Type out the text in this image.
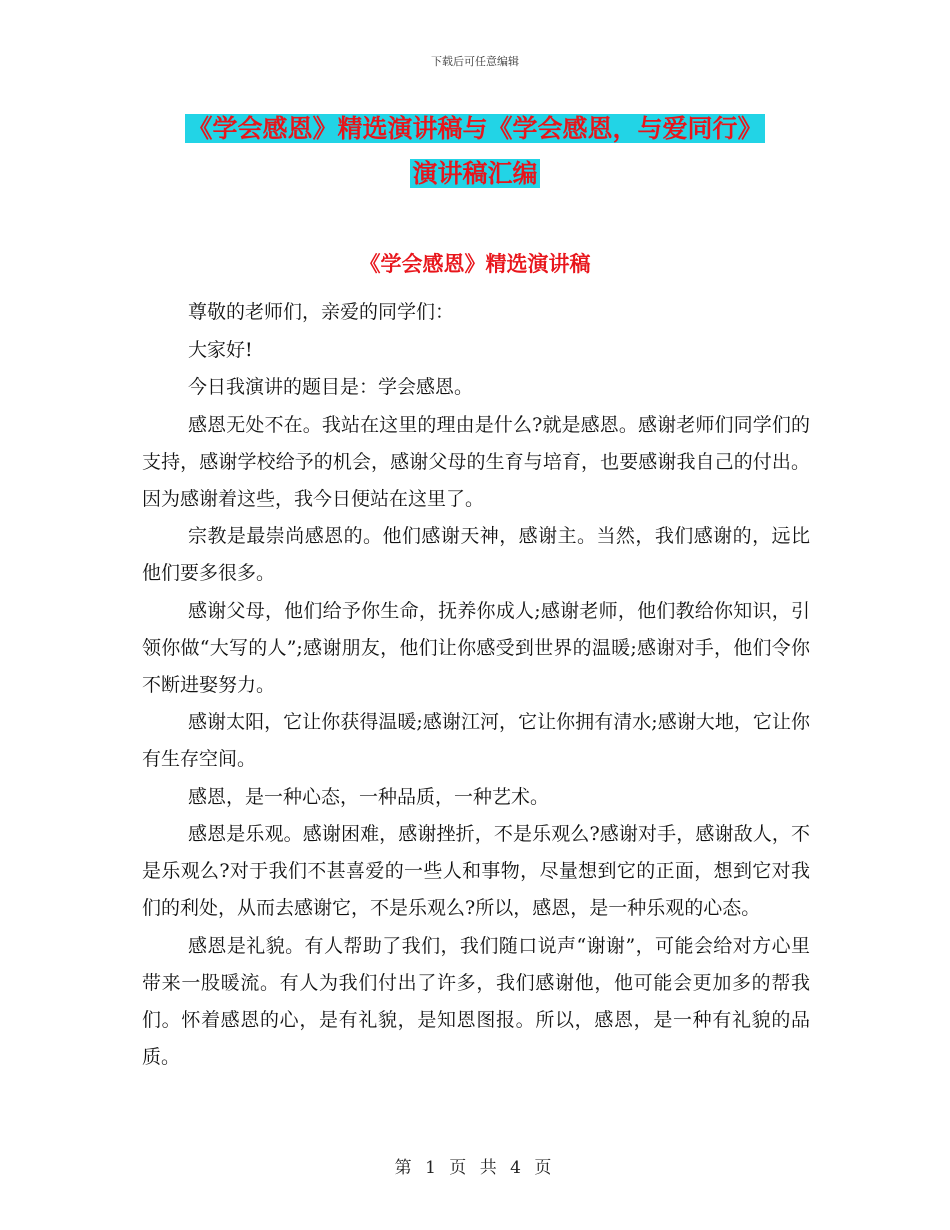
下载后可任意编辑
《学会感恩》精选演讲稿与《学会感恩，与爱同行》
演讲稿汇编
《学会感恩》精选演讲稿

尊敬的老师们，亲爱的同学们：

大家好!

今日我演讲的题目是：学会感恩。

感恩无处不在。我站在这里的理由是什么?就是感恩。感谢老师们同学们的支持，感谢学校给予的机会，感谢父母的生育与培育，也要感谢我自己的付出。因为感谢着这些，我今日便站在这里了。

宗教是最崇尚感恩的。他们感谢天神，感谢主。当然，我们感谢的，远比他们要多很多。

感谢父母，他们给予你生命，抚养你成人;感谢老师，他们教给你知识，引领你做“大写的人”;感谢朋友，他们让你感受到世界的温暖;感谢对手，他们令你不断进娶努力。

感谢太阳，它让你获得温暖;感谢江河，它让你拥有清水;感谢大地，它让你有生存空间。

感恩，是一种心态，一种品质，一种艺术。

感恩是乐观。感谢困难，感谢挫折，不是乐观么?感谢对手，感谢敌人，不是乐观么?对于我们不甚喜爱的一些人和事物，尽量想到它的正面，想到它对我们的利处，从而去感谢它，不是乐观么?所以，感恩，是一种乐观的心态。

感恩是礼貌。有人帮助了我们，我们随口说声“谢谢”，可能会给对方心里带来一股暖流。有人为我们付出了许多，我们感谢他，他可能会更加多的帮我们。怀着感恩的心，是有礼貌，是知恩图报。所以，感恩，是一种有礼貌的品质。

第 1 页 共 4 页
